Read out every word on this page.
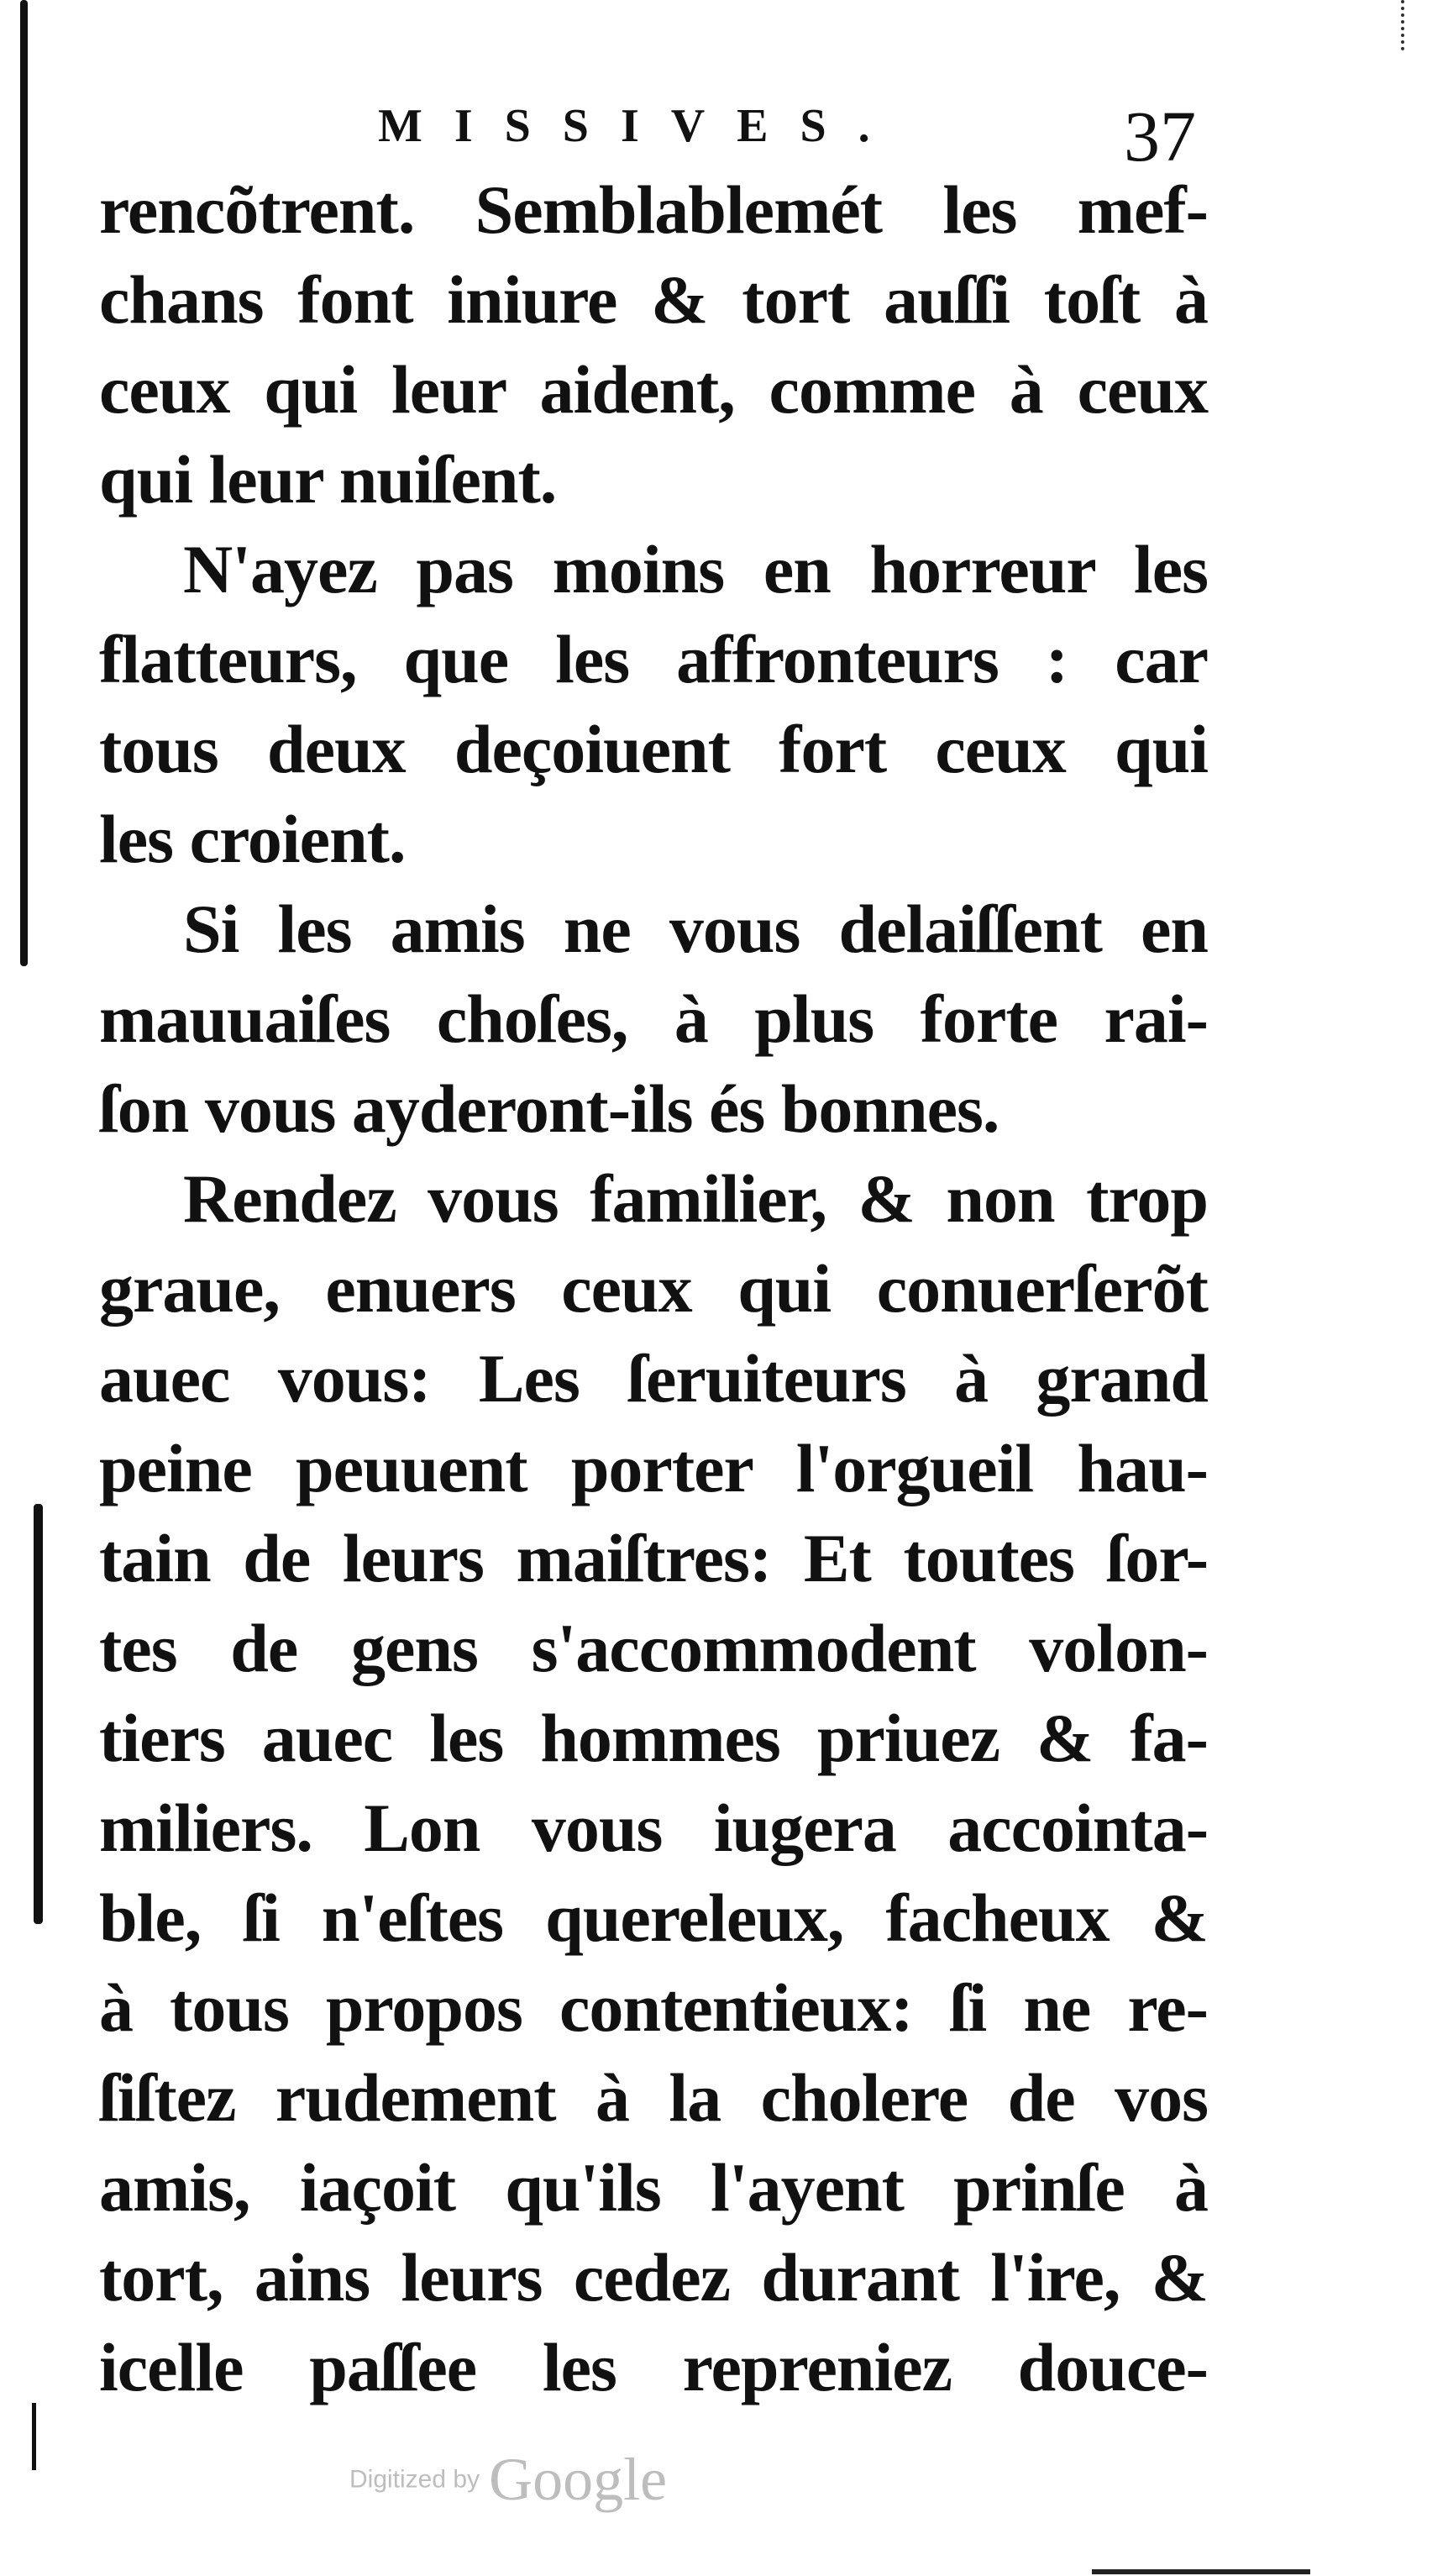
MISSIVES.	37
rencõtrent. Semblablemét les mef-
chans font iniure & tort auſſi toſt à
ceux qui leur aident, comme à ceux
qui leur nuiſent.
N'ayez pas moins en horreur les
flatteurs, que les affronteurs : car
tous deux deçoiuent fort ceux qui
les croient.
Si les amis ne vous delaiſſent en
mauuaiſes choſes, à plus forte rai-
ſon vous ayderont-ils és bonnes.
Rendez vous familier, & non trop
graue, enuers ceux qui conuerſerõt
auec vous: Les ſeruiteurs à grand
peine peuuent porter l'orgueil hau-
tain de leurs maiſtres: Et toutes ſor-
tes de gens s'accommodent volon-
tiers auec les hommes priuez & fa-
miliers. Lon vous iugera accointa-
ble, ſi n'eſtes quereleux, facheux &
à tous propos contentieux: ſi ne re-
ſiſtez rudement à la cholere de vos
amis, iaçoit qu'ils l'ayent prinſe à
tort, ains leurs cedez durant l'ire, &
icelle paſſee les repreniez douce-
Digitized by Google
